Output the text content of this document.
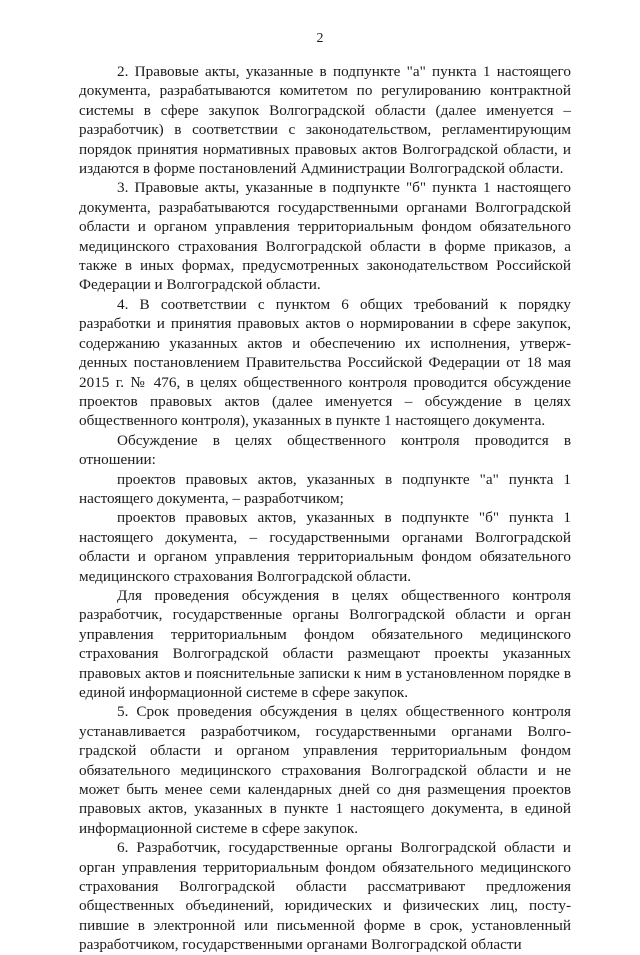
2

2. Правовые акты, указанные в подпункте "а" пункта 1 настоящего документа, разрабатываются комитетом по регулированию контрактной системы в сфере закупок Волгоградской области (далее именуется – разработчик) в соответствии с законодательством, регламентирующим порядок принятия нормативных правовых актов Волгоградской области, и издаются в форме постановлений Администрации Волгоградской области.

3. Правовые акты, указанные в подпункте "б" пункта 1 настоящего документа, разрабатываются государственными органами Волгоградской области и органом управления территориальным фондом обязательного медицинского страхования Волгоградской области в форме приказов, а также в иных формах, предусмотренных законодательством Российской Федерации и Волгоградской области.

4. В соответствии с пунктом 6 общих требований к порядку разработки и принятия правовых актов о нормировании в сфере закупок, содержанию указанных актов и обеспечению их исполнения, утвержденных постановлением Правительства Российской Федерации от 18 мая 2015 г. № 476, в целях общественного контроля проводится обсуждение проектов правовых актов (далее именуется – обсуждение в целях общественного контроля), указанных в пункте 1 настоящего документа.

Обсуждение в целях общественного контроля проводится в отношении:

проектов правовых актов, указанных в подпункте "а" пункта 1 настоящего документа, – разработчиком;

проектов правовых актов, указанных в подпункте "б" пункта 1 настоящего документа, – государственными органами Волгоградской области и органом управления территориальным фондом обязательного медицинского страхования Волгоградской области.

Для проведения обсуждения в целях общественного контроля разработчик, государственные органы Волгоградской области и орган управления территориальным фондом обязательного медицинского страхования Волгоградской области размещают проекты указанных правовых актов и пояснительные записки к ним в установленном порядке в единой информационной системе в сфере закупок.

5. Срок проведения обсуждения в целях общественного контроля устанавливается разработчиком, государственными органами Волгоградской области и органом управления территориальным фондом обязательного медицинского страхования Волгоградской области и не может быть менее семи календарных дней со дня размещения проектов правовых актов, указанных в пункте 1 настоящего документа, в единой информационной системе в сфере закупок.

6. Разработчик, государственные органы Волгоградской области и орган управления территориальным фондом обязательного медицинского страхования Волгоградской области рассматривают предложения общественных объединений, юридических и физических лиц, поступившие в электронной или письменной форме в срок, установленный разработчиком, государственными органами Волгоградской области
